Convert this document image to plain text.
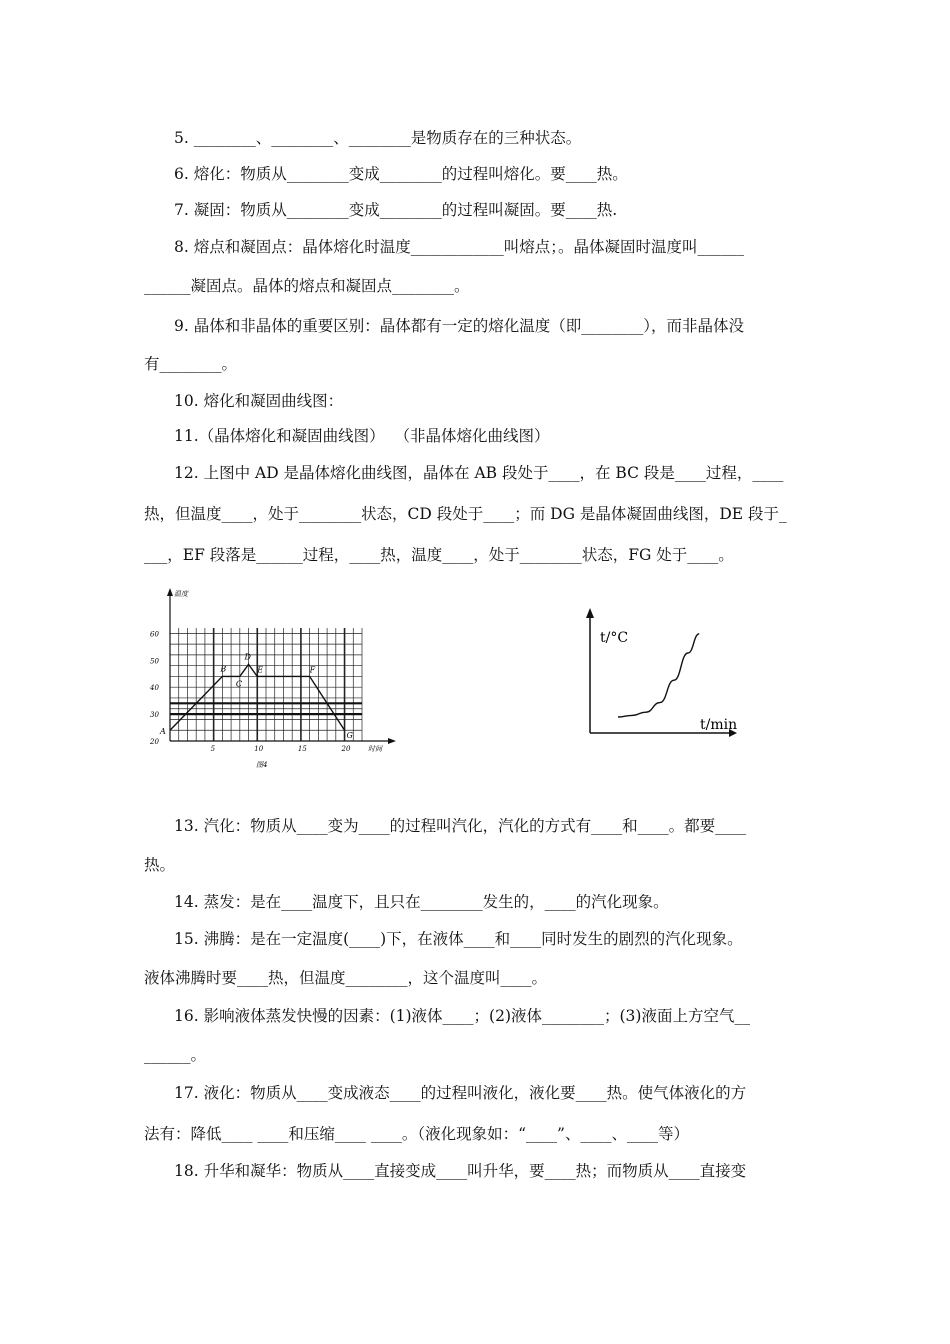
5. ________、________、________是物质存在的三种状态。
6. 熔化：物质从________变成________的过程叫熔化。要____热。
7. 凝固：物质从________变成________的过程叫凝固。要____热.
8. 熔点和凝固点：晶体熔化时温度____________叫熔点；。晶体凝固时温度叫______
______凝固点。晶体的熔点和凝固点________。
9. 晶体和非晶体的重要区别：晶体都有一定的熔化温度（即________），而非晶体没
有________。
10. 熔化和凝固曲线图：
11.（晶体熔化和凝固曲线图）  （非晶体熔化曲线图）
12. 上图中 AD 是晶体熔化曲线图，晶体在 AB 段处于____，在 BC 段是____过程，____
热，但温度____，处于________状态，CD 段处于____；而 DG 是晶体凝固曲线图，DE 段于_
___，EF 段落是______过程，____热，温度____，处于________状态，FG 处于____。
温度
时间
20
30
40
50
60
5	10	15	20
图4
A
B
C
D
E	F
G
t/°C
t/min
13. 汽化：物质从____变为____的过程叫汽化，汽化的方式有____和____。都要____
热。
14. 蒸发：是在____温度下，且只在________发生的，____的汽化现象。
15. 沸腾：是在一定温度(____)下，在液体____和____同时发生的剧烈的汽化现象。
液体沸腾时要____热，但温度________，这个温度叫____。
16. 影响液体蒸发快慢的因素：(1)液体____；(2)液体________；(3)液面上方空气__
______。
17. 液化：物质从____变成液态____的过程叫液化，液化要____热。使气体液化的方
法有：降低____ ____和压缩____ ____。（液化现象如：“____”、____、____等）
18. 升华和凝华：物质从____直接变成____叫升华，要____热；而物质从____直接变
